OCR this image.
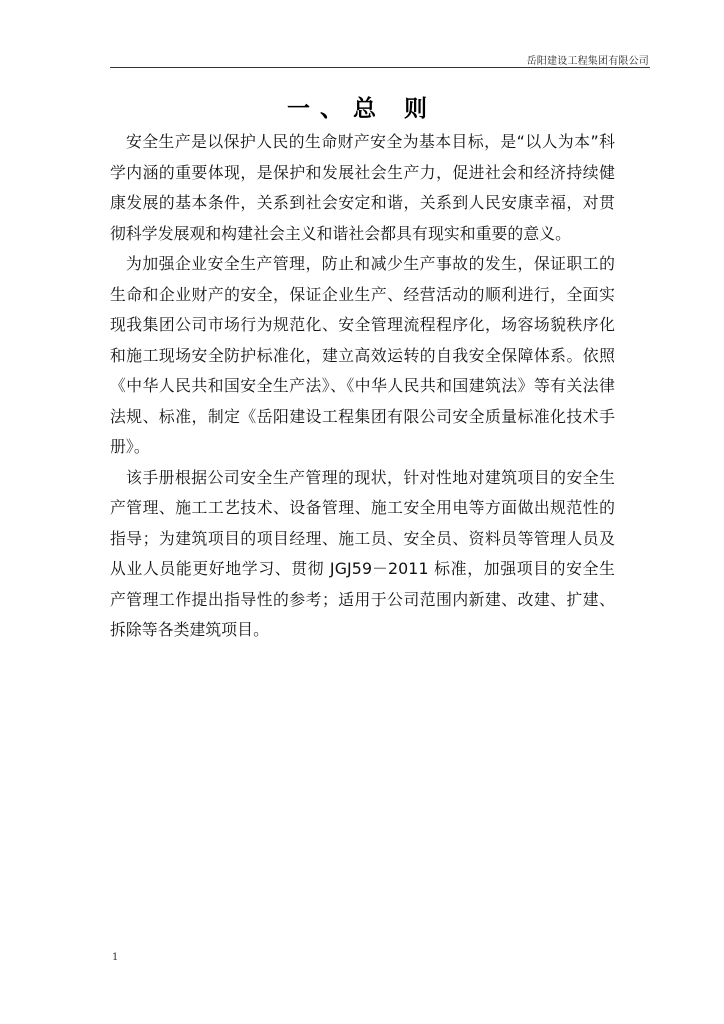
岳阳建设工程集团有限公司
一、总 则

安全生产是以保护人民的生命财产安全为基本目标，是“以人为本”科学内涵的重要体现，是保护和发展社会生产力，促进社会和经济持续健康发展的基本条件，关系到社会安定和谐，关系到人民安康幸福，对贯彻科学发展观和构建社会主义和谐社会都具有现实和重要的意义。

为加强企业安全生产管理，防止和减少生产事故的发生，保证职工的生命和企业财产的安全，保证企业生产、经营活动的顺利进行，全面实现我集团公司市场行为规范化、安全管理流程程序化，场容场貌秩序化和施工现场安全防护标准化，建立高效运转的自我安全保障体系。依照《中华人民共和国安全生产法》、《中华人民共和国建筑法》等有关法律法规、标准，制定《岳阳建设工程集团有限公司安全质量标准化技术手册》。

该手册根据公司安全生产管理的现状，针对性地对建筑项目的安全生产管理、施工工艺技术、设备管理、施工安全用电等方面做出规范性的指导；为建筑项目的项目经理、施工员、安全员、资料员等管理人员及从业人员能更好地学习、贯彻 JGJ59－2011 标准，加强项目的安全生产管理工作提出指导性的参考；适用于公司范围内新建、改建、扩建、拆除等各类建筑项目。

1
